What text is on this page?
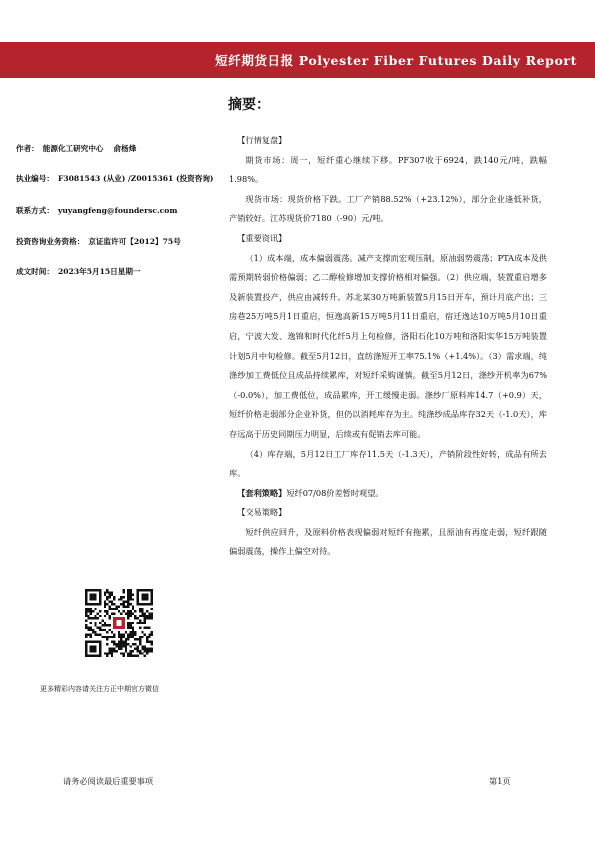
短纤期货日报 Polyester Fiber Futures Daily Report
摘要：
作者： 能源化工研究中心 俞杨烽
执业编号： F3081543 (从业) /Z0015361 (投资咨询)
联系方式： yuyangfeng@foundersc.com
投资咨询业务资格： 京证监许可【2012】75号
成文时间： 2023年5月15日星期一

【行情复盘】

期货市场：周一，短纤重心继续下移。PF307收于6924，跌140元/吨，跌幅1.98%。

现货市场：现货价格下跌。工厂产销88.52%（+23.12%），部分企业逢低补货，产销较好。江苏现货价7180（-90）元/吨。

【重要资讯】

（1）成本端，成本偏弱震荡。减产支撑而宏观压制，原油弱势震荡；PTA成本及供需预期转弱价格偏弱；乙二醇检修增加支撑价格相对偏强。（2）供应端，装置重启增多及新装置投产，供应由减转升。苏北某30万吨新装置5月15日开车，预计月底产出；三房巷25万吨5月1日重启，恒逸高新15万吨5月11日重启，宿迁逸达10万吨5月10日重启，宁波大发、逸锦和时代化纤5月上旬检修，洛阳石化10万吨和洛阳实华15万吨装置计划5月中旬检修。截至5月12日，直纺涤短开工率75.1%（+1.4%）。（3）需求端，纯涤纱加工费低位且成品持续累库，对短纤采购谨慎。截至5月12日，涤纱开机率为67%（-0.0%），加工费低位，成品累库，开工缓慢走弱。涤纱厂原料库14.7（+0.9）天，短纤价格走弱部分企业补货，但仍以消耗库存为主。纯涤纱成品库存32天（-1.0天），库存远高于历史同期压力明显，后续或有促销去库可能。

（4）库存端，5月12日工厂库存11.5天（-1.3天），产销阶段性好转，成品有所去库。

【套利策略】短纤07/08价差暂时观望。

【交易策略】

短纤供应回升，及原料价格表现偏弱对短纤有拖累，且原油有再度走弱，短纤跟随偏弱震荡，操作上偏空对待。

更多精彩内容请关注方正中期官方微信
请务必阅读最后重要事项	第1页
